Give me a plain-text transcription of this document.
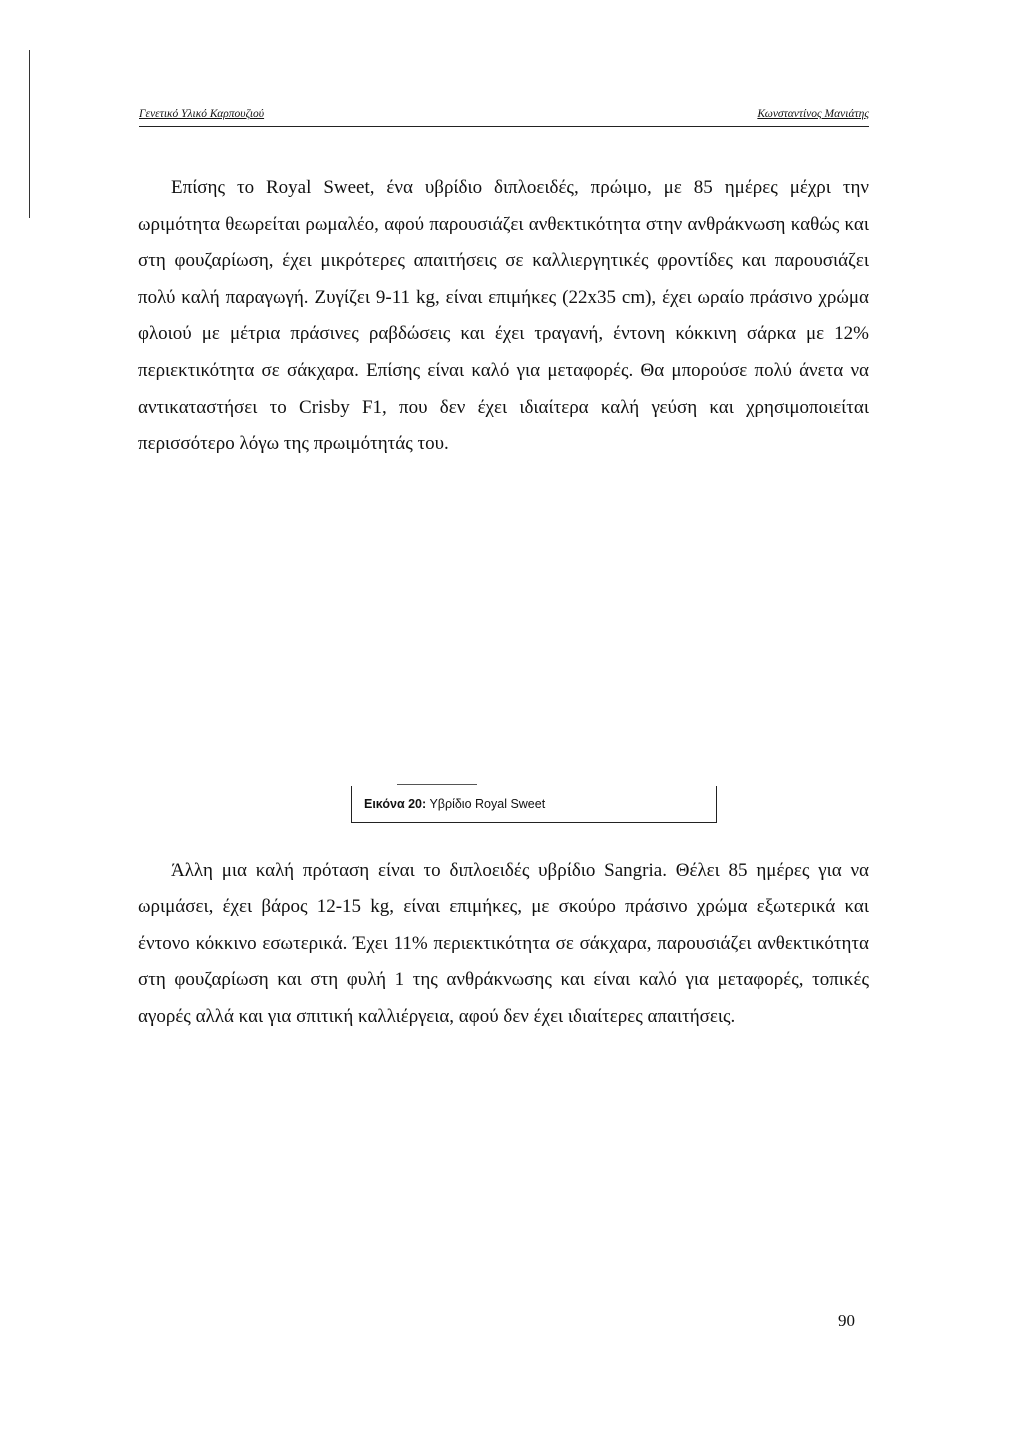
Γενετικό Υλικό Καρπουζιού	Κωνσταντίνος Μανιάτης

Επίσης το Royal Sweet, ένα υβρίδιο διπλοειδές, πρώιμο, με 85 ημέρες μέχρι την ωριμότητα θεωρείται ρωμαλέο, αφού παρουσιάζει ανθεκτικότητα στην ανθράκνωση καθώς και στη φουζαρίωση, έχει μικρότερες απαιτήσεις σε καλλιεργητικές φροντίδες και παρουσιάζει πολύ καλή παραγωγή. Ζυγίζει 9-11 kg, είναι επιμήκες (22x35 cm), έχει ωραίο πράσινο χρώμα φλοιού με μέτρια πράσινες ραβδώσεις και έχει τραγανή, έντονη κόκκινη σάρκα με 12% περιεκτικότητα σε σάκχαρα. Επίσης είναι καλό για μεταφορές. Θα μπορούσε πολύ άνετα να αντικαταστήσει το Crisby F1, που δεν έχει ιδιαίτερα καλή γεύση και χρησιμοποιείται περισσότερο λόγω της πρωιμότητάς του.

Εικόνα 20: Υβρίδιο Royal Sweet

Άλλη μια καλή πρόταση είναι το διπλοειδές υβρίδιο Sangria. Θέλει 85 ημέρες για να ωριμάσει, έχει βάρος 12-15 kg, είναι επιμήκες, με σκούρο πράσινο χρώμα εξωτερικά και έντονο κόκκινο εσωτερικά. Έχει 11% περιεκτικότητα σε σάκχαρα, παρουσιάζει ανθεκτικότητα στη φουζαρίωση και στη φυλή 1 της ανθράκνωσης και είναι καλό για μεταφορές, τοπικές αγορές αλλά και για σπιτική καλλιέργεια, αφού δεν έχει ιδιαίτερες απαιτήσεις.

90
